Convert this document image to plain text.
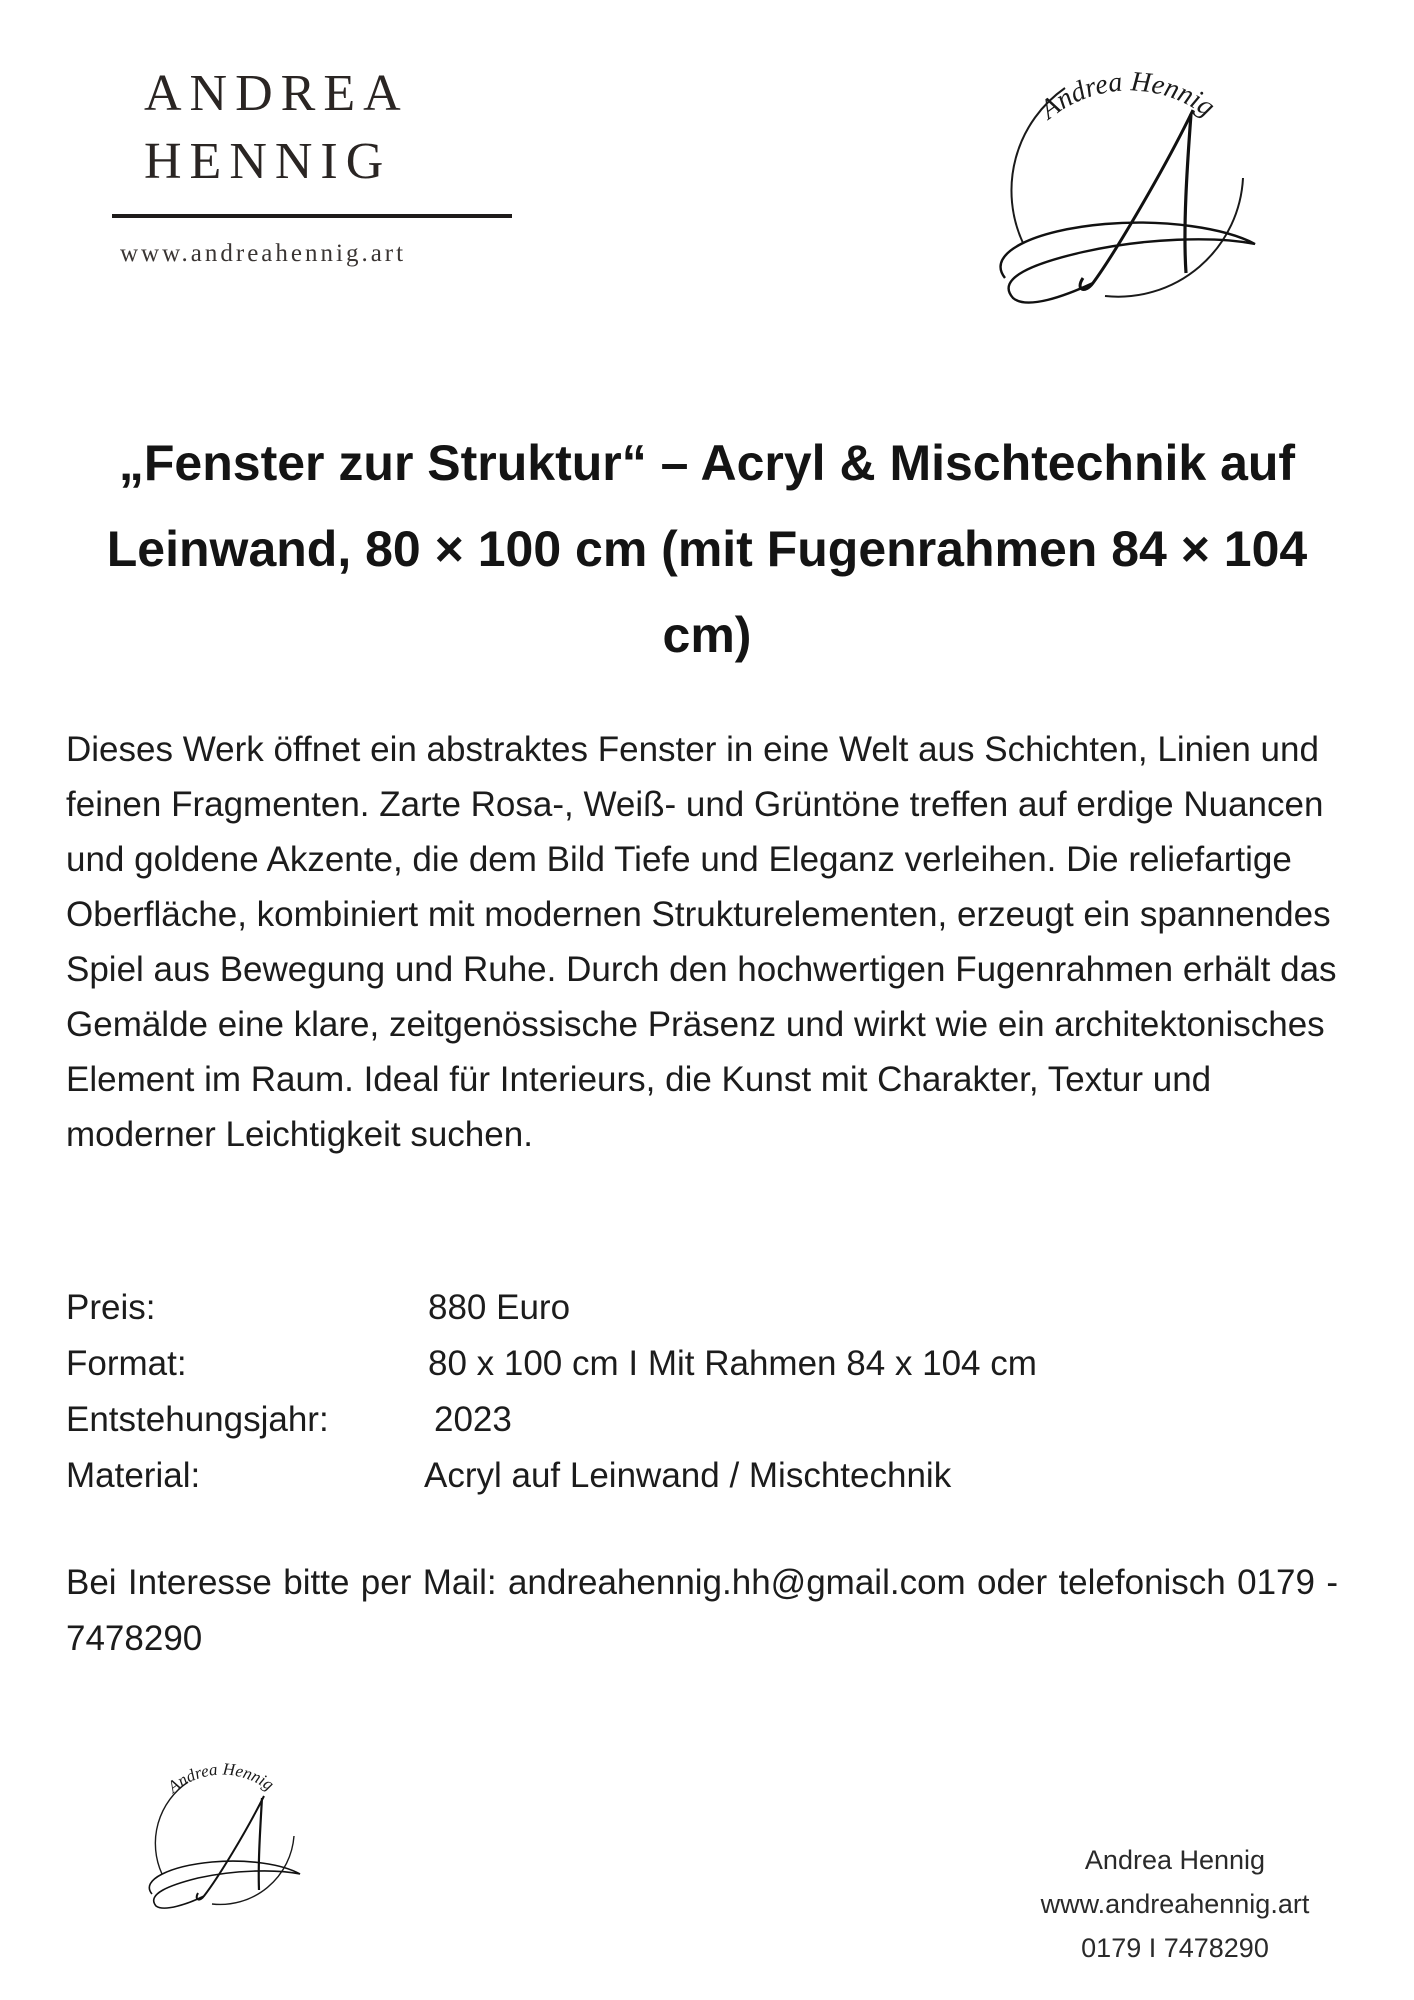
ANDREA
HENNIG
www.andreahennig.art
Andrea Hennig
„Fenster zur Struktur“ – Acryl & Mischtechnik auf Leinwand, 80 × 100 cm (mit Fugenrahmen 84 × 104 cm)

Dieses Werk öffnet ein abstraktes Fenster in eine Welt aus Schichten, Linien und feinen Fragmenten. Zarte Rosa-, Weiß- und Grüntöne treffen auf erdige Nuancen und goldene Akzente, die dem Bild Tiefe und Eleganz verleihen. Die reliefartige Oberfläche, kombiniert mit modernen Strukturelementen, erzeugt ein spannendes Spiel aus Bewegung und Ruhe. Durch den hochwertigen Fugenrahmen erhält das Gemälde eine klare, zeitgenössische Präsenz und wirkt wie ein architektonisches Element im Raum. Ideal für Interieurs, die Kunst mit Charakter, Textur und moderner Leichtigkeit suchen.

Preis:	880 Euro
Format:	80 x 100 cm I Mit Rahmen 84 x 104 cm
Entstehungsjahr:	2023
Material:	Acryl auf Leinwand / Mischtechnik

Bei Interesse bitte per Mail: andreahennig.hh@gmail.com oder telefonisch 0179 - 7478290

Andrea Hennig
Andrea Hennig
www.andreahennig.art
0179 I 7478290
